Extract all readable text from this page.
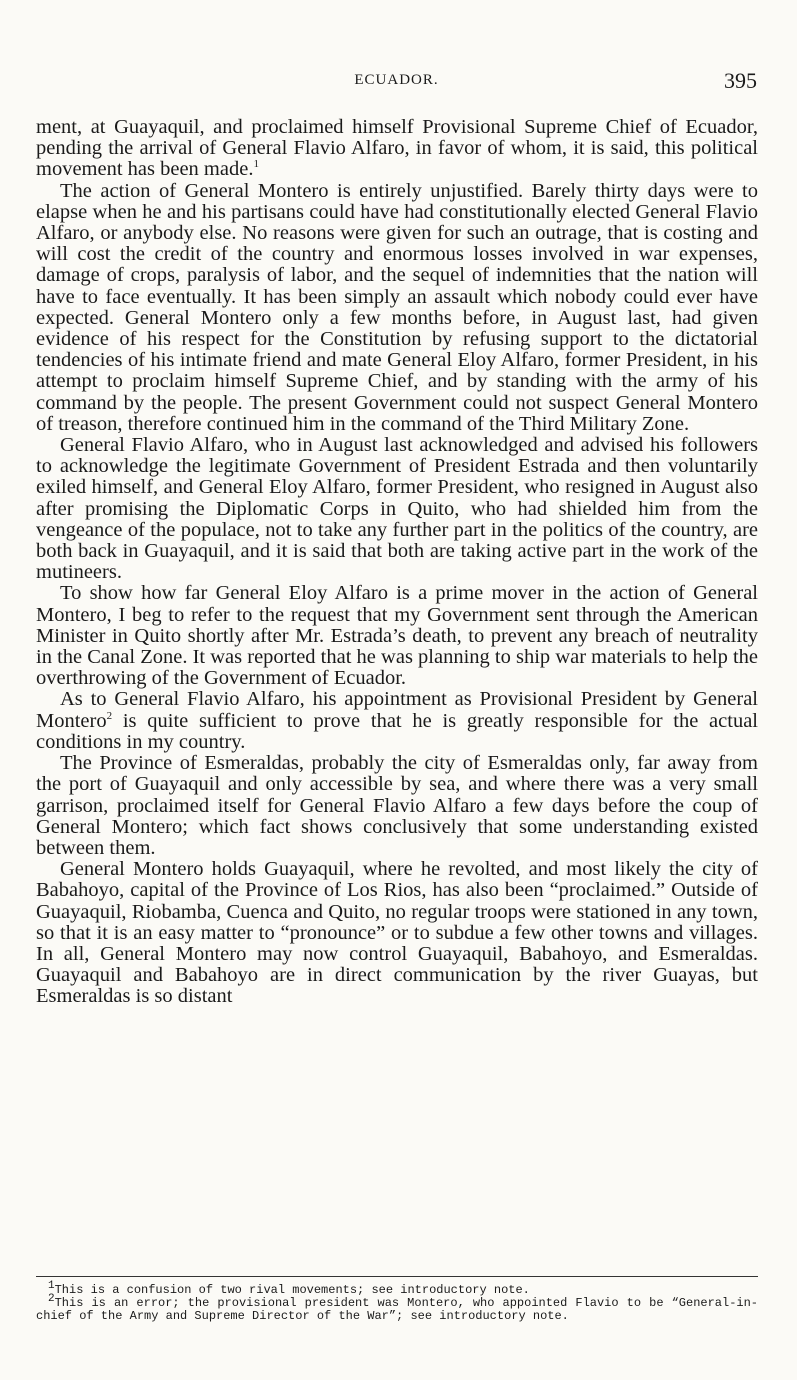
ECUADOR.	395

ment, at Guayaquil, and proclaimed himself Provisional Supreme Chief of Ecuador, pending the arrival of General Flavio Alfaro, in favor of whom, it is said, this political movement has been made.$^1$

The action of General Montero is entirely unjustified. Barely thirty days were to elapse when he and his partisans could have had constitutionally elected General Flavio Alfaro, or anybody else. No reasons were given for such an outrage, that is costing and will cost the credit of the country and enormous losses involved in war expenses, damage of crops, paralysis of labor, and the sequel of indemnities that the nation will have to face eventually. It has been simply an assault which nobody could ever have expected. General Montero only a few months before, in August last, had given evidence of his respect for the Constitution by refusing support to the dictatorial tendencies of his intimate friend and mate General Eloy Alfaro, former President, in his attempt to proclaim himself Supreme Chief, and by standing with the army of his command by the people. The present Government could not suspect General Montero of treason, therefore continued him in the command of the Third Military Zone.

General Flavio Alfaro, who in August last acknowledged and advised his followers to acknowledge the legitimate Government of President Estrada and then voluntarily exiled himself, and General Eloy Alfaro, former President, who resigned in August also after promising the Diplomatic Corps in Quito, who had shielded him from the vengeance of the populace, not to take any further part in the politics of the country, are both back in Guayaquil, and it is said that both are taking active part in the work of the mutineers.

To show how far General Eloy Alfaro is a prime mover in the action of General Montero, I beg to refer to the request that my Government sent through the American Minister in Quito shortly after Mr. Estrada’s death, to prevent any breach of neutrality in the Canal Zone. It was reported that he was planning to ship war materials to help the overthrowing of the Government of Ecuador.

As to General Flavio Alfaro, his appointment as Provisional President by General Montero$^2$ is quite sufficient to prove that he is greatly responsible for the actual conditions in my country.

The Province of Esmeraldas, probably the city of Esmeraldas only, far away from the port of Guayaquil and only accessible by sea, and where there was a very small garrison, proclaimed itself for General Flavio Alfaro a few days before the coup of General Montero; which fact shows conclusively that some understanding existed between them.

General Montero holds Guayaquil, where he revolted, and most likely the city of Babahoyo, capital of the Province of Los Rios, has also been “proclaimed.” Outside of Guayaquil, Riobamba, Cuenca and Quito, no regular troops were stationed in any town, so that it is an easy matter to “pronounce” or to subdue a few other towns and villages. In all, General Montero may now control Guayaquil, Babahoyo, and Esmeraldas. Guayaquil and Babahoyo are in direct communication by the river Guayas, but Esmeraldas is so distant

$^1$This is a confusion of two rival movements; see introductory note.

$^2$This is an error; the provisional president was Montero, who appointed Flavio to be “General-in-chief of the Army and Supreme Director of the War”; see introductory note.
